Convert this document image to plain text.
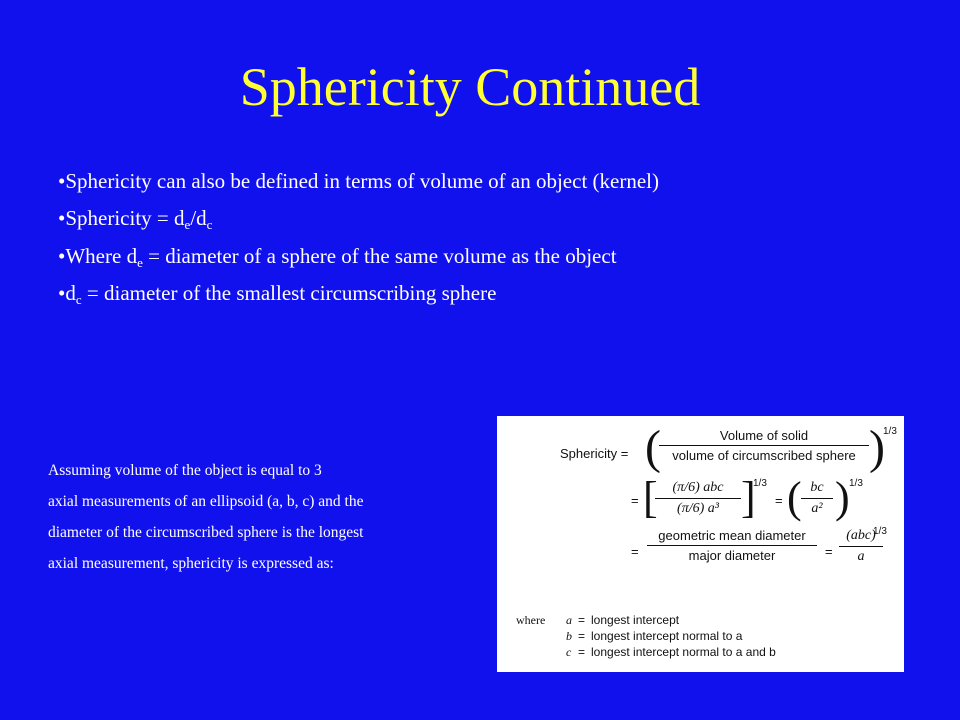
Sphericity Continued
• Sphericity can also be defined in terms of volume of an object (kernel)
• Sphericity = $d_e/d_c$
• Where $d_e$ = diameter of a sphere of the same volume as the object
• $d_c$ = diameter of the smallest circumscribing sphere
Assuming volume of the object is equal to 3
axial measurements of an ellipsoid (a, b, c) and the
diameter of the circumscribed sphere is the longest
axial measurement, sphericity is expressed as:
Sphericity = (	Volume of solid
volume of circumscribed sphere )
1/3
= [	(π/6) abc
(π/6) a³ ]
1/3
= ( bc
a² ) 1/3
=
geometric mean diameter
major diameter	=
(abc)
a
1/3
where	a	=	longest intercept
	b	=	longest intercept normal to a
	c	=	longest intercept normal to a and b
